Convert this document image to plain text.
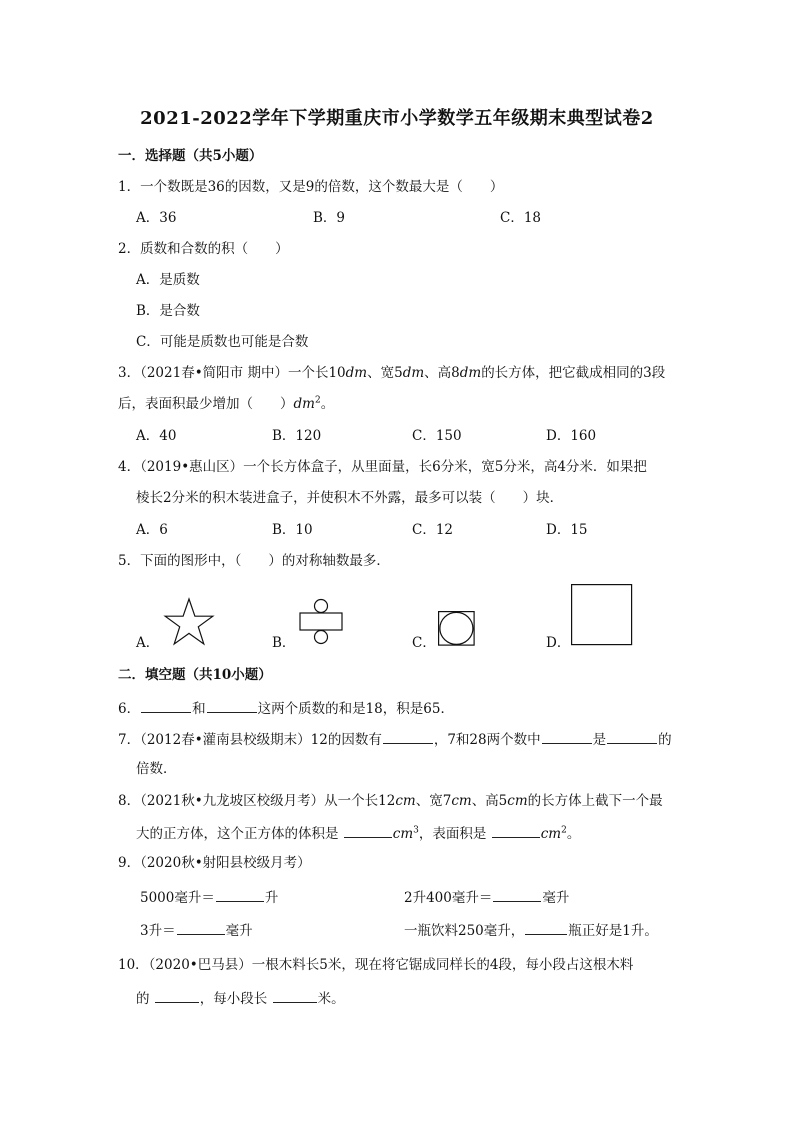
2021-2022学年下学期重庆市小学数学五年级期末典型试卷2
一．选择题（共5小题）
1．一个数既是36的因数，又是9的倍数，这个数最大是（　　）
A．36	B．9	C．18
2．质数和合数的积（　　）
A．是质数
B．是合数
C．可能是质数也可能是合数
3．（2021春•简阳市 期中）一个长10dm、宽5dm、高8dm的长方体，把它截成相同的3段
后，表面积最少增加（　　）$dm^2$。
A．40	B．120	C．150	D．160
4．（2019•惠山区）一个长方体盒子，从里面量，长6分米，宽5分米，高4分米．如果把
棱长2分米的积木装进盒子，并使积木不外露，最多可以装（　　）块．
A．6	B．10	C．12	D．15
5．下面的图形中，（　　）的对称轴数最多．
A．	B．	C．	D．
二．填空题（共10小题）
6．	和	这两个质数的和是18，积是65．
7．（2012春•灌南县校级期末）12的因数有	，7和28两个数中	是	的
倍数．
8．（2021秋•九龙坡区校级月考）从一个长12cm、宽7cm、高5cm的长方体上截下一个最
大的正方体，这个正方体的体积是	$cm^3$，表面积是	$cm^2$。
9．（2020秋•射阳县校级月考）
5000毫升＝	升	2升400毫升＝	毫升
3升＝	毫升	一瓶饮料250毫升，	瓶正好是1升。
10．（2020•巴马县）一根木料长5米，现在将它锯成同样长的4段，每小段占这根木料
的	，每小段长	米。
